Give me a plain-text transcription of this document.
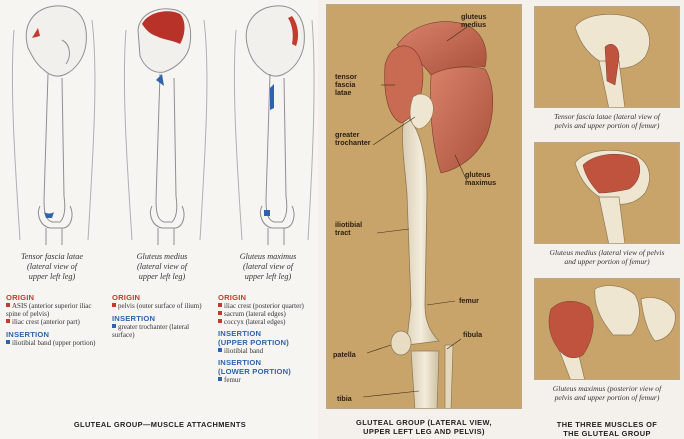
Tensor fascia latae
(lateral view of
upper left leg)
Gluteus medius
(lateral view of
upper left leg)
Gluteus maximus
(lateral view of
upper left leg)
ORIGIN
ASIS (anterior superior iliac spine of pelvis)
iliac crest (anterior part)
INSERTION
iliotibial band (upper portion)
ORIGIN
pelvis (outer surface of ilium)
INSERTION
greater trochanter (lateral surface)
ORIGIN
iliac crest (posterior quarter)
sacrum (lateral edges)
coccyx (lateral edges)
INSERTION
(UPPER PORTION)
iliotibial band
INSERTION
(LOWER PORTION)
femur
GLUTEAL GROUP—MUSCLE ATTACHMENTS
gluteus
medius
tensor
fascia
latae
greater
trochanter
gluteus
maximus
iliotibial
tract
femur
fibula
patella
tibia
GLUTEAL GROUP (LATERAL VIEW,
UPPER LEFT LEG AND PELVIS)
Tensor fascia latae (lateral view of
pelvis and upper portion of femur)
Gluteus medius (lateral view of pelvis
and upper portion of femur)
Gluteus maximus (posterior view of
pelvis and upper portion of femur)
THE THREE MUSCLES OF
THE GLUTEAL GROUP
